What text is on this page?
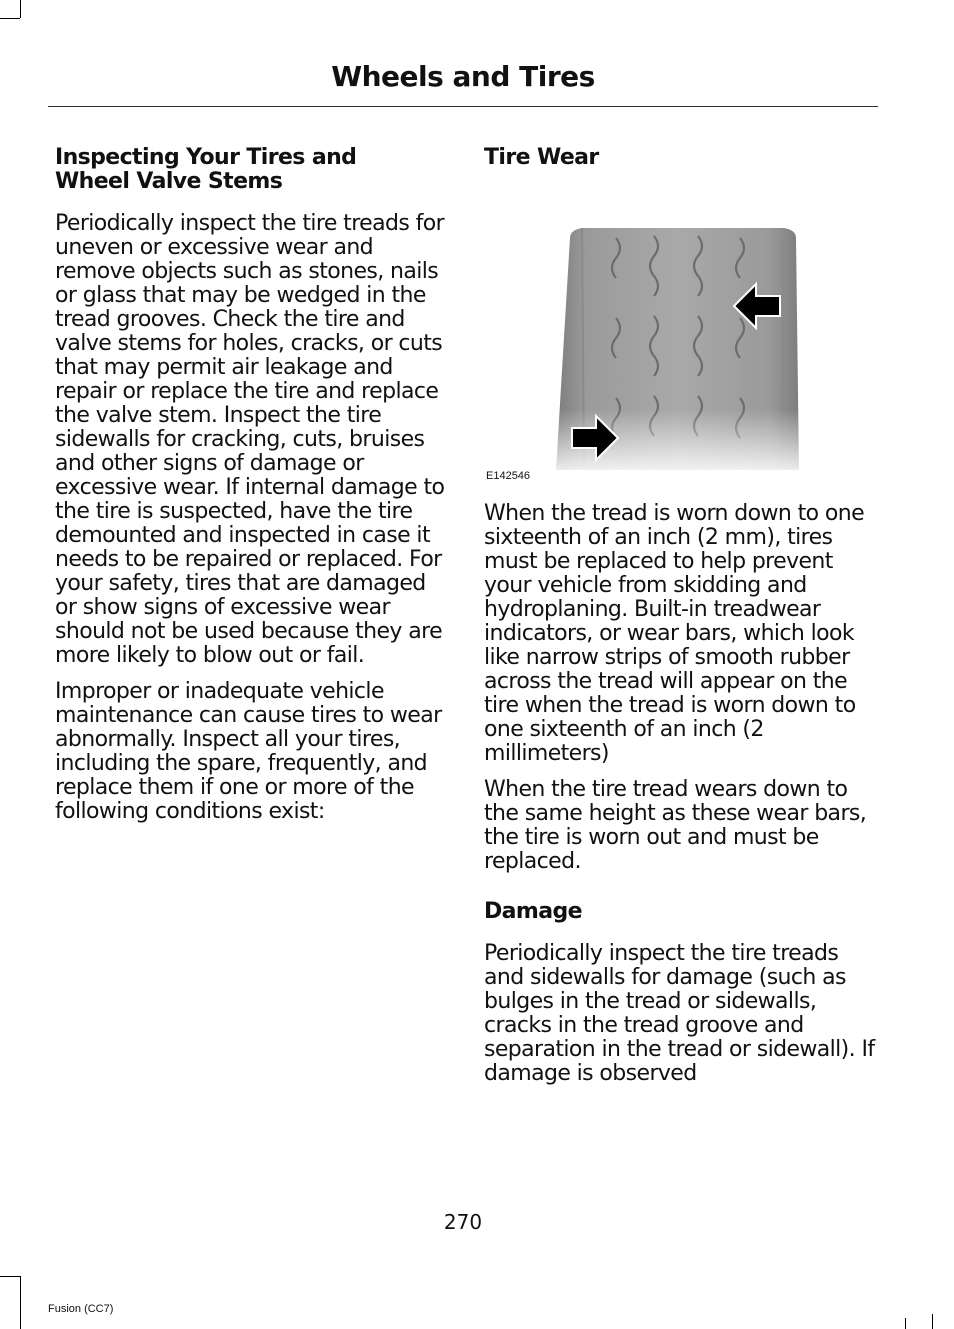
Wheels and Tires
Inspecting Your Tires and Wheel Valve Stems

Periodically inspect the tire treads for uneven or excessive wear and remove objects such as stones, nails or glass that may be wedged in the tread grooves. Check the tire and valve stems for holes, cracks, or cuts that may permit air leakage and repair or replace the tire and replace the valve stem. Inspect the tire sidewalls for cracking, cuts, bruises and other signs of damage or excessive wear. If internal damage to the tire is suspected, have the tire demounted and inspected in case it needs to be repaired or replaced. For your safety, tires that are damaged or show signs of excessive wear should not be used because they are more likely to blow out or fail.

Improper or inadequate vehicle maintenance can cause tires to wear abnormally. Inspect all your tires, including the spare, frequently, and replace them if one or more of the following conditions exist:

Tire Wear
E142546

When the tread is worn down to one sixteenth of an inch (2 mm), tires must be replaced to help prevent your vehicle from skidding and hydroplaning. Built-in treadwear indicators, or wear bars, which look like narrow strips of smooth rubber across the tread will appear on the tire when the tread is worn down to one sixteenth of an inch (2 millimeters)

When the tire tread wears down to the same height as these wear bars, the tire is worn out and must be replaced.

Damage

Periodically inspect the tire treads and sidewalls for damage (such as bulges in the tread or sidewalls, cracks in the tread groove and separation in the tread or sidewall). If damage is observed

270
Fusion (CC7)
